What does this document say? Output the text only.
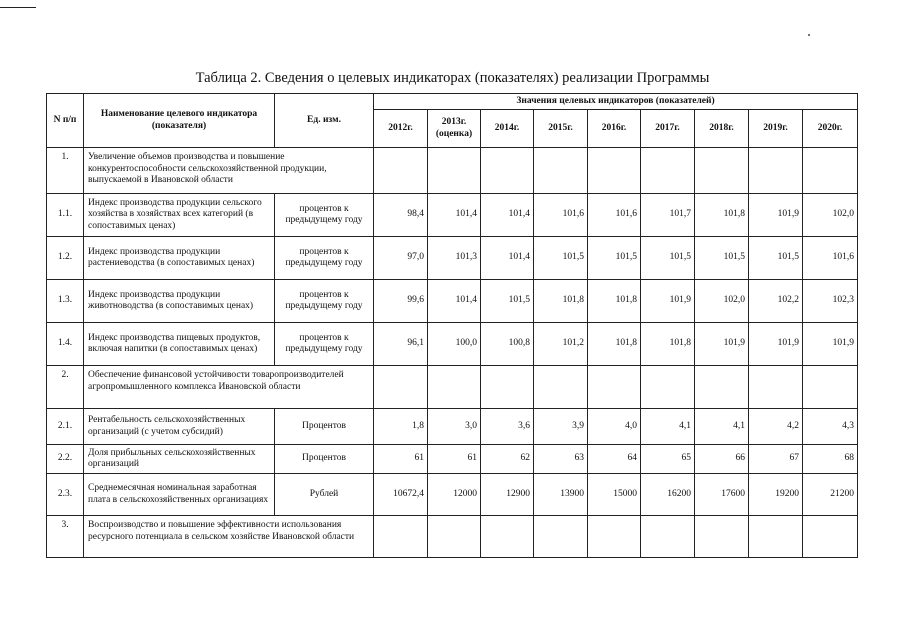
Таблица 2. Сведения о целевых индикаторах (показателях) реализации Программы
N п/п	Наименование целевого индикатора (показателя)	Ед. изм.	Значения целевых индикаторов (показателей)								
			2012г.	2013г. (оценка)	2014г.	2015г.	2016г.	2017г.	2018г.	2019г.	2020г.
1.	Увеличение объемов производства и повышение конкурентоспособности сельскохозяйственной продукции, выпускаемой в Ивановской области										
1.1.	Индекс производства продукции сельского хозяйства в хозяйствах всех категорий (в сопоставимых ценах)	процентов к предыдущему году	98,4	101,4	101,4	101,6	101,6	101,7	101,8	101,9	102,0
1.2.	Индекс производства продукции растениеводства (в сопоставимых ценах)	процентов к предыдущему году	97,0	101,3	101,4	101,5	101,5	101,5	101,5	101,5	101,6
1.3.	Индекс производства продукции животноводства (в сопоставимых ценах)	процентов к предыдущему году	99,6	101,4	101,5	101,8	101,8	101,9	102,0	102,2	102,3
1.4.	Индекс производства пищевых продуктов, включая напитки (в сопоставимых ценах)	процентов к предыдущему году	96,1	100,0	100,8	101,2	101,8	101,8	101,9	101,9	101,9
2.	Обеспечение финансовой устойчивости товаропроизводителей агропромышленного комплекса Ивановской области										
2.1.	Рентабельность сельскохозяйственных организаций (с учетом субсидий)	Процентов	1,8	3,0	3,6	3,9	4,0	4,1	4,1	4,2	4,3
2.2.	Доля прибыльных сельскохозяйственных организаций	Процентов	61	61	62	63	64	65	66	67	68
2.3.	Среднемесячная номинальная заработная плата в сельскохозяйственных организациях	Рублей	10672,4	12000	12900	13900	15000	16200	17600	19200	21200
3.	Воспроизводство и повышение эффективности использования ресурсного потенциала в сельском хозяйстве Ивановской области										
